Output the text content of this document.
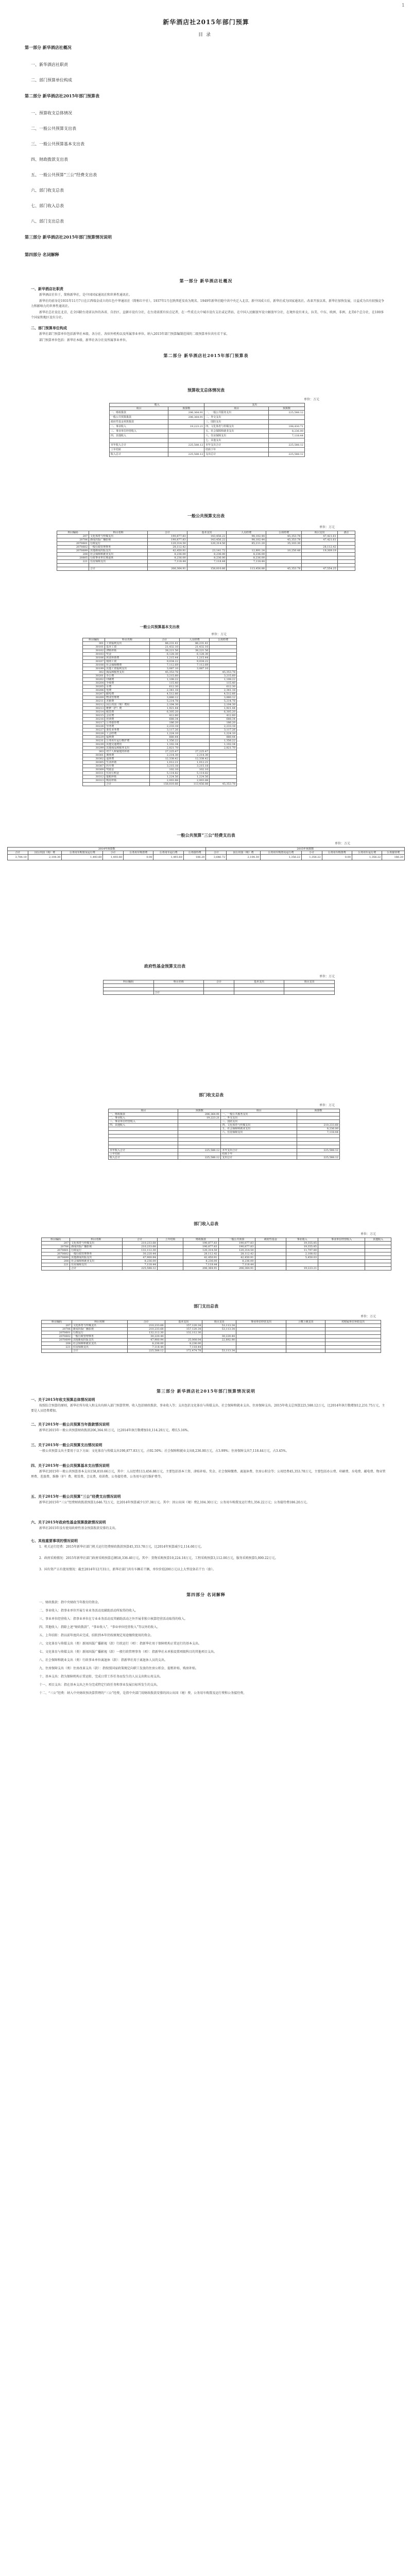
1
新华酒店社2015年部门预算
目录
第一部分 新华酒店社概况
一、新华酒店社职责
二、部门预算单位构成
第二部分 新华酒店社2015年部门预算表
一、预算收支总体情况
二、一般公共预算支出表
三、一般公共预算基本支出表
四、财政拨款支出表
五、一般公共预算“三公”经费支出表
六、部门收支总表
七、部门收入总表
八、部门支出总表
第三部分 新华酒店社2015年部门预算情况说明
第四部分 名词解释
第一部分 新华酒店社概况
一、新华酒店社职责
新华酒店社位于，简称新华社，是中国国家通讯社和世界性通讯社。
新华社的前身是1931年11月7日在江西瑞金成立的红色中华通讯社（简称红中社）。1937年1月在陕西延安改为现名。1949年新华社随中共中央迁入北京。新中国成立后，新华社成为国家通讯社。改革开放以来，新华社加快发展，日益成为具有较强竞争力和影响力的世界性通讯社。
新华社总社设在北京，在全国除台湾省以外的各省、自治区、直辖市设有分社，在台湾省派有驻点记者，在一些重点大中城市设有支社或记者站，在中国人民解放军设立解放军分社，在境外设有亚太、拉美、中东、欧洲、非洲、北美6个总分社，在100多个国家和地区设有分社。
二、部门预算单位构成
新华社部门预算单位包括新华社本级、各分社、各驻外机构以及所属事业单位。纳入2015年部门预算编制范围的二级预算单位共有若干家。
部门预算单位包括：新华社本级、新华社各分社及所属事业单位。
第二部分 新华酒店社2015年部门预算表
预算收支总体情况表
单位：万元
收入		支出	
项目	预算数	项目	预算数
一、财政拨款	206,364.91	一、一般公共服务支出	225,588.12
一般公共预算拨款	206,364.91	二、外交支出	
政府性基金预算拨款		三、国防支出	
二、事业收入	19,223.21	四、文化体育与传媒支出	198,430.71
三、事业单位经营收入		五、社会保障和就业支出	8,236.00
四、其他收入		六、住房保障支出	7,118.44
		七、其他支出	
本年收入合计	225,588.12	本年支出合计	225,588.12
上年结转		结转下年	
收入总计	225,588.12	支出总计	225,588.12
一般公共预算支出表
单位：万元
科目编码	科目名称	合计	基本支出	人员经费	公用经费	项目支出	备注
207	文化体育与传媒支出	190,877.83	143,456.22	98,102.44	45,353.78	47,421.61	
20706	新闻出版广播影视	190,877.83	143,456.22	98,102.44	45,353.78	47,421.61	
2070601	行政运行	120,314.50	120,314.50	85,211.20	35,103.30		
2070602	一般行政管理事务	28,112.42				28,112.42	
2070699	其他新闻出版支出	42,450.91	23,141.72	12,891.24	10,250.48	19,309.19	
208	社会保障和就业支出	8,236.00	8,236.00	8,236.00			
20805	行政事业单位离退休	8,236.00	8,236.00	8,236.00			
221	住房保障支出	7,118.44	7,118.44	7,118.44			

	合计	206,364.91	158,810.66	113,456.88	45,353.78	47,554.25	
一般公共预算基本支出表
单位：万元
科目编码	科目名称	合计	人员经费	公用经费
301	工资福利支出	86,231.41	86,231.41	
30101	基本工资	21,432.10	21,432.10	
30102	津贴补贴	38,221.56	38,221.56	
30103	奖金	6,128.30	6,128.30	
30106	伙食补助费	1,215.44	1,215.44	
30107	绩效工资	9,034.22	9,034.22	
30108	社会保障缴费	7,112.69	7,112.69	
30199	其他工资福利支出	3,087.10	3,087.10	
302	商品和服务支出	45,353.78		45,353.78
30201	办公费	3,215.60		3,215.60
30202	印刷费	1,108.22		1,108.22
30204	手续费	115.40		115.40
30205	水费	612.30		612.30
30206	电费	2,341.18		2,341.18
30207	邮电费	4,512.66		4,512.66
30209	物业管理费	3,880.12		3,880.12
30211	差旅费	5,214.78		5,214.78
30212	因公出国（境）费用	2,104.30		2,104.30
30213	维修（护）费	1,921.44		1,921.44
30214	租赁费	6,305.20		6,305.20
30215	会议费	412.60		412.60
30216	培训费	688.34		688.34
30217	公务接待费	186.20		186.20
30226	劳务费	2,233.18		2,233.18
30227	委托业务费	3,117.26		3,117.26
30228	工会经费	1,224.10		1,224.10
30229	福利费	880.44		880.44
30231	公务用车运行维护费	1,356.22		1,356.22
30239	其他交通费用	1,102.34		1,102.34
30299	其他商品和服务支出	2,821.70		2,821.70
303	对个人和家庭的补助	27,225.47	27,225.47	
30301	离休费	2,214.30	2,214.30	
30302	退休费	12,338.42	12,338.42	
30305	生活补助	1,012.21	1,012.21	
30307	医疗费	3,215.18	3,215.18	
30309	奖励金	102.10	102.10	
30311	住房公积金	5,114.82	5,114.82	
30312	提租补贴	1,224.56	1,224.56	
30313	购房补贴	2,003.88	2,003.88	
	合计	158,810.66	113,456.88	45,353.78
一般公共预算“三公”经费支出表
单位：万元
2014年预算数							2015年预算数						
合计	因公出国（境）费	公务用车购置及运行费	小计	公务用车购置费	公务用车运行费	公务接待费	合计	因公出国（境）费	公务用车购置及运行费	小计	公务用车购置费	公务用车运行费	公务接待费
3,784.10	2,104.30	1,493.60	1,493.60	0.00	1,493.60	186.20	3,646.72	2,104.30	1,356.22	1,356.22	0.00	1,356.22	186.20
政府性基金预算支出表
单位：万元
科目编码	科目名称	合计	基本支出	项目支出

	合计			
部门收支总表
单位：万元
项目	预算数	项目	预算数
一、财政拨款	206,364.91	一、一般公共服务支出	
二、事业收入	19,223.21	二、外交支出	
三、事业单位经营收入		三、国防支出	
四、其他收入		四、文化体育与传媒支出	210,233.68
		五、社会保障和就业支出	8,236.00
		六、住房保障支出	7,118.44

本年收入合计	225,588.12	本年支出合计	225,588.12
上年结转		结转下年	
收入总计	225,588.12	支出总计	225,588.12
部门收入总表
单位：万元
科目编码	科目名称	合计	上年结转	财政拨款	一般公共预算	政府性基金	事业收入	事业单位经营收入	其他收入
207	文化体育与传媒支出	210,233.68		190,877.83	190,877.83		19,355.85		
20706	新闻出版广播影视	210,233.68		190,877.83	190,877.83		19,355.85		
2070601	行政运行	132,112.30		120,314.50	120,314.50		11,797.80		
2070602	一般行政管理事务	30,220.44		28,112.42	28,112.42		2,108.02		
2070699	其他新闻出版支出	47,900.94		42,450.91	42,450.91		5,450.03		
208	社会保障和就业支出	8,236.00		8,236.00	8,236.00				
221	住房保障支出	7,118.44		7,118.44	7,118.44				
	合计	225,588.12		206,364.91	206,364.91		19,223.21		
部门支出总表
单位：万元
科目编码	科目名称	合计	基本支出	项目支出	事业单位经营支出	上缴上级支出	对附属单位补助支出
207	文化体育与传媒支出	210,233.68	157,120.34	53,113.34			
20706	新闻出版广播影视	210,233.68	157,120.34	53,113.34			
2070601	行政运行	132,112.30	132,112.30				
2070602	一般行政管理事务	30,220.44		30,220.44			
2070699	其他新闻出版支出	47,900.94	25,008.04	22,892.90			
208	社会保障和就业支出	8,236.00	8,236.00				
221	住房保障支出	7,118.44	7,118.44				
	合计	225,588.12	172,474.78	53,113.34			
第三部分 新华酒店社2015年部门预算情况说明
一、关于2015年收支预算总体情况说明
按照综合预算的原则，新华社所有收入和支出均纳入部门预算管理。收入包括财政拨款、事业收入等；支出包括文化体育与传媒支出、社会保障和就业支出、住房保障支出。2015年收支总预算225,588.12万元，比2014年执行数增加12,231.75万元，主要是人员经费增加。
二、关于2015年一般公共预算当年拨款情况说明
新华社2015年一般公共预算财政拨款206,364.91万元，比2014年执行数增加10,114.20万元，增长5.16%。
三、关于2015年一般公共预算支出情况说明
一般公共预算支出主要用于以下方面：文化体育与传媒支出190,877.83万元，占92.50%；社会保障和就业支出8,236.00万元，占3.99%；住房保障支出7,118.44万元，占3.45%。
四、关于2015年一般公共预算基本支出情况说明
新华社2015年一般公共预算基本支出158,810.66万元，其中：人员经费113,456.88万元，主要包括基本工资、津贴补贴、奖金、社会保障缴费、离退休费、住房公积金等；公用经费45,353.78万元，主要包括办公费、印刷费、水电费、邮电费、物业管理费、差旅费、维修（护）费、租赁费、会议费、培训费、公务接待费、公务用车运行维护费等。
五、关于2015年一般公共预算“三公”经费支出情况说明
新华社2015年“三公”经费财政拨款预算3,646.72万元，比2014年预算减少137.38万元。其中：因公出国（境）费2,104.30万元；公务用车购置及运行费1,356.22万元；公务接待费186.20万元。
六、关于2015年政府性基金预算拨款情况说明
新华社2015年没有使用政府性基金预算拨款安排的支出。
七、其他重要事项的情况说明
1．机关运行经费：2015年新华社部门机关运行经费财政拨款预算45,353.78万元，比2014年预算减少2,114.60万元。
2．政府采购情况：2015年新华社部门政府采购预算总额18,336.40万元，其中：货物采购预算10,224.18万元，工程采购预算3,112.00万元，服务采购预算5,000.22万元。
3．国有资产占有使用情况：截至2014年12月31日，新华社部门共有车辆若干辆，单位价值200万元以上大型设备若干台（套）。
第四部分 名词解释
一、财政拨款：指中央财政当年拨付的资金。
二、事业收入：指事业单位开展专业业务活动及辅助活动所取得的收入。
三、事业单位经营收入：指事业单位在专业业务活动及其辅助活动之外开展非独立核算经营活动取得的收入。
四、其他收入：指除上述“财政拨款”、“事业收入”、“事业单位经营收入”等以外的收入。
五、上年结转：指以前年度尚未完成、结转到本年仍按原规定用途继续使用的资金。
六、文化体育与传媒支出（类）新闻出版广播影视（款）行政运行（项）：指新华社用于保障机构正常运行的基本支出。
七、文化体育与传媒支出（类）新闻出版广播影视（款）一般行政管理事务（项）：指新华社未单独设置项级科目的其他项目支出。
八、社会保障和就业支出（类）行政事业单位离退休（款）：指新华社用于离退休人员的支出。
九、住房保障支出（类）住房改革支出（款）：指按照国家政策规定向职工发放的住房公积金、提租补贴、购房补贴。
十、基本支出：指为保障机构正常运转、完成日常工作任务而发生的人员支出和公用支出。
十一、项目支出：指在基本支出之外为完成特定行政任务和事业发展目标所发生的支出。
十二、“三公”经费：纳入中央财政预决算管理的“三公”经费，是指中央部门用财政拨款安排的因公出国（境）费、公务用车购置及运行费和公务接待费。
